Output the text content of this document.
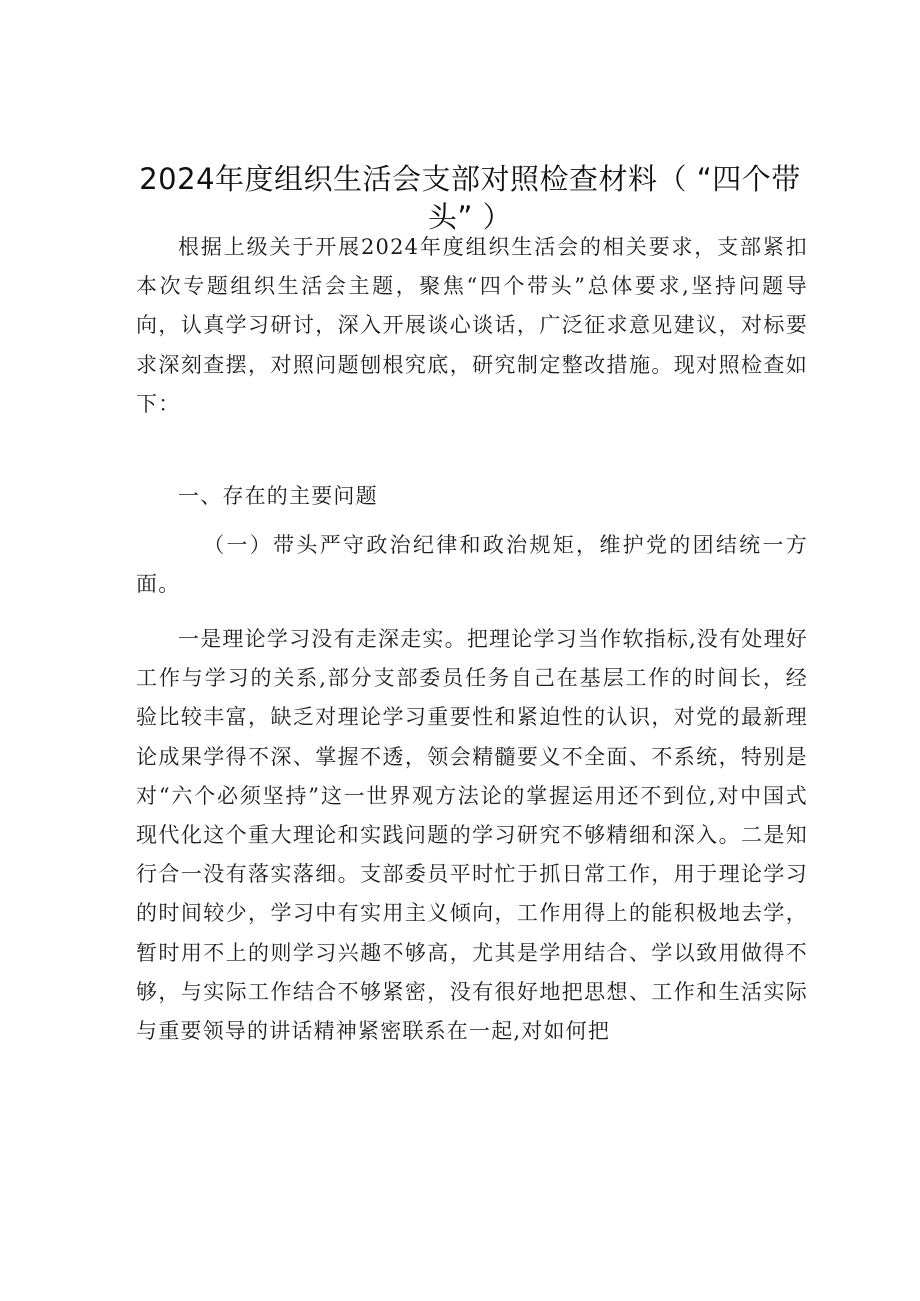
2024年度组织生活会支部对照检查材料（ “四个带头” ）

根据上级关于开展2024年度组织生活会的相关要求，支部紧扣本次专题组织生活会主题，聚焦“四个带头”总体要求,坚持问题导向，认真学习研讨，深入开展谈心谈话，广泛征求意见建议，对标要求深刻查摆，对照问题刨根究底，研究制定整改措施。现对照检查如下：

一、存在的主要问题

（一）带头严守政治纪律和政治规矩，维护党的团结统一方面。

一是理论学习没有走深走实。把理论学习当作软指标,没有处理好工作与学习的关系,部分支部委员任务自己在基层工作的时间长，经验比较丰富，缺乏对理论学习重要性和紧迫性的认识，对党的最新理论成果学得不深、掌握不透，领会精髓要义不全面、不系统，特别是对“六个必须坚持”这一世界观方法论的掌握运用还不到位,对中国式现代化这个重大理论和实践问题的学习研究不够精细和深入。二是知行合一没有落实落细。支部委员平时忙于抓日常工作，用于理论学习的时间较少，学习中有实用主义倾向，工作用得上的能积极地去学，暂时用不上的则学习兴趣不够高，尤其是学用结合、学以致用做得不够，与实际工作结合不够紧密，没有很好地把思想、工作和生活实际与重要领导的讲话精神紧密联系在一起,对如何把
